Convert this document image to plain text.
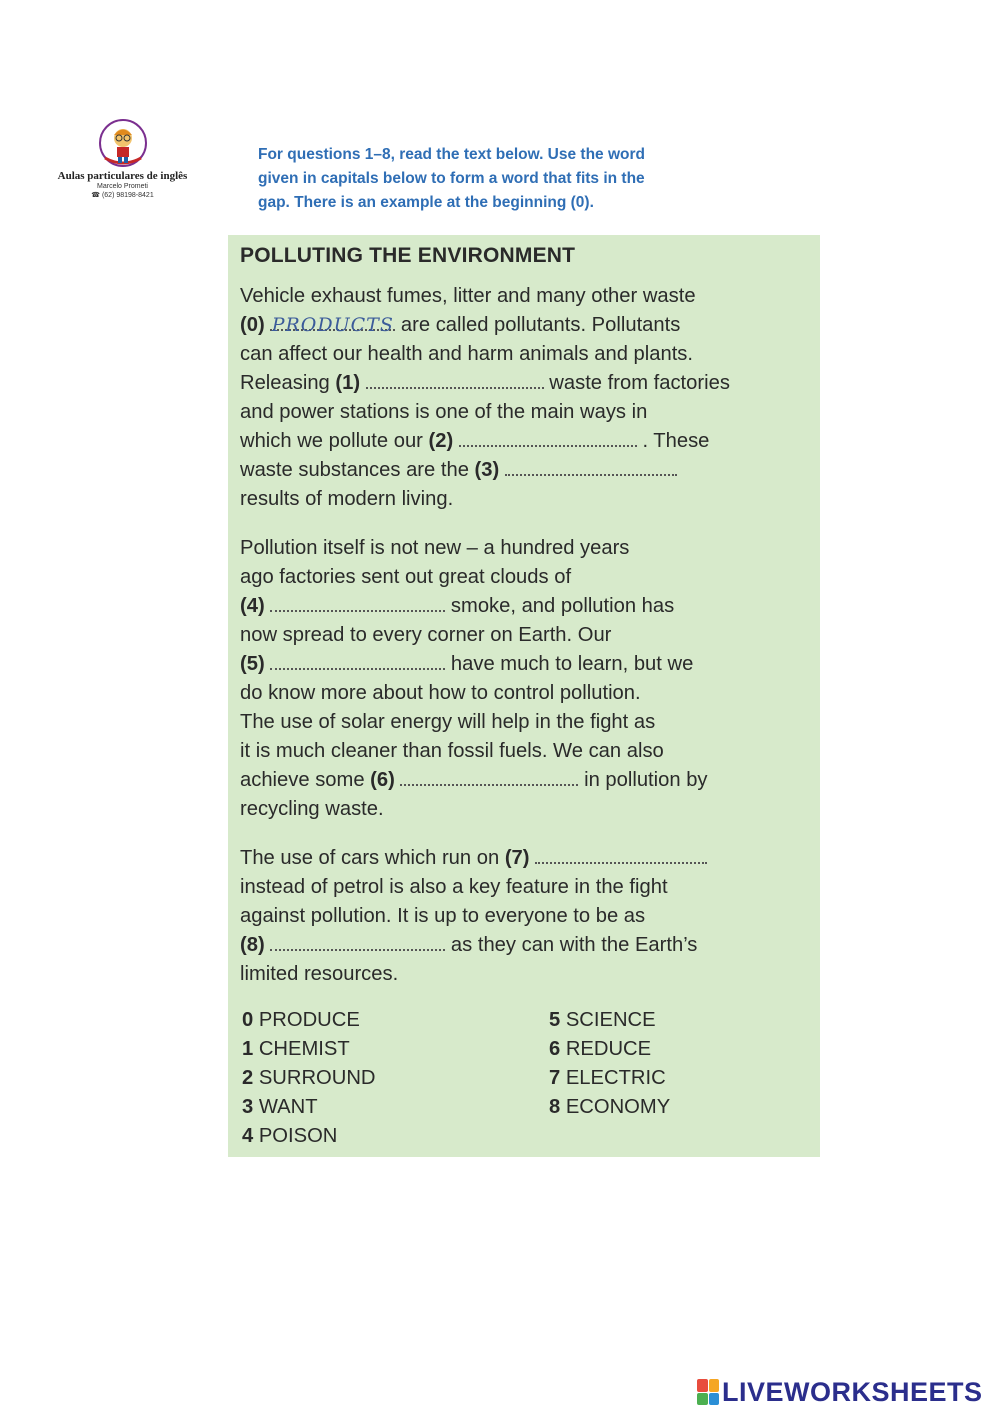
Aulas particulares de inglês
Marcelo Prometi
☎ (62) 98198-8421
For questions 1–8, read the text below. Use the word
given in capitals below to form a word that fits in the
gap. There is an example at the beginning (0).
POLLUTING THE ENVIRONMENT
Vehicle exhaust fumes, litter and many other waste
(0) PRODUCTS are called pollutants. Pollutants
can affect our health and harm animals and plants.
Releasing (1)	waste from factories
and power stations is one of the main ways in
which we pollute our (2)	. These
waste substances are the (3)
results of modern living.
Pollution itself is not new – a hundred years
ago factories sent out great clouds of
(4)	smoke, and pollution has
now spread to every corner on Earth. Our
(5)	have much to learn, but we
do know more about how to control pollution.
The use of solar energy will help in the fight as
it is much cleaner than fossil fuels. We can also
achieve some (6)	in pollution by
recycling waste.
The use of cars which run on (7)
instead of petrol is also a key feature in the fight
against pollution. It is up to everyone to be as
(8)	as they can with the Earth’s
limited resources.
0 PRODUCE
1 CHEMIST
2 SURROUND
3 WANT
4 POISON
5 SCIENCE
6 REDUCE
7 ELECTRIC
8 ECONOMY
LIVEWORKSHEETS
